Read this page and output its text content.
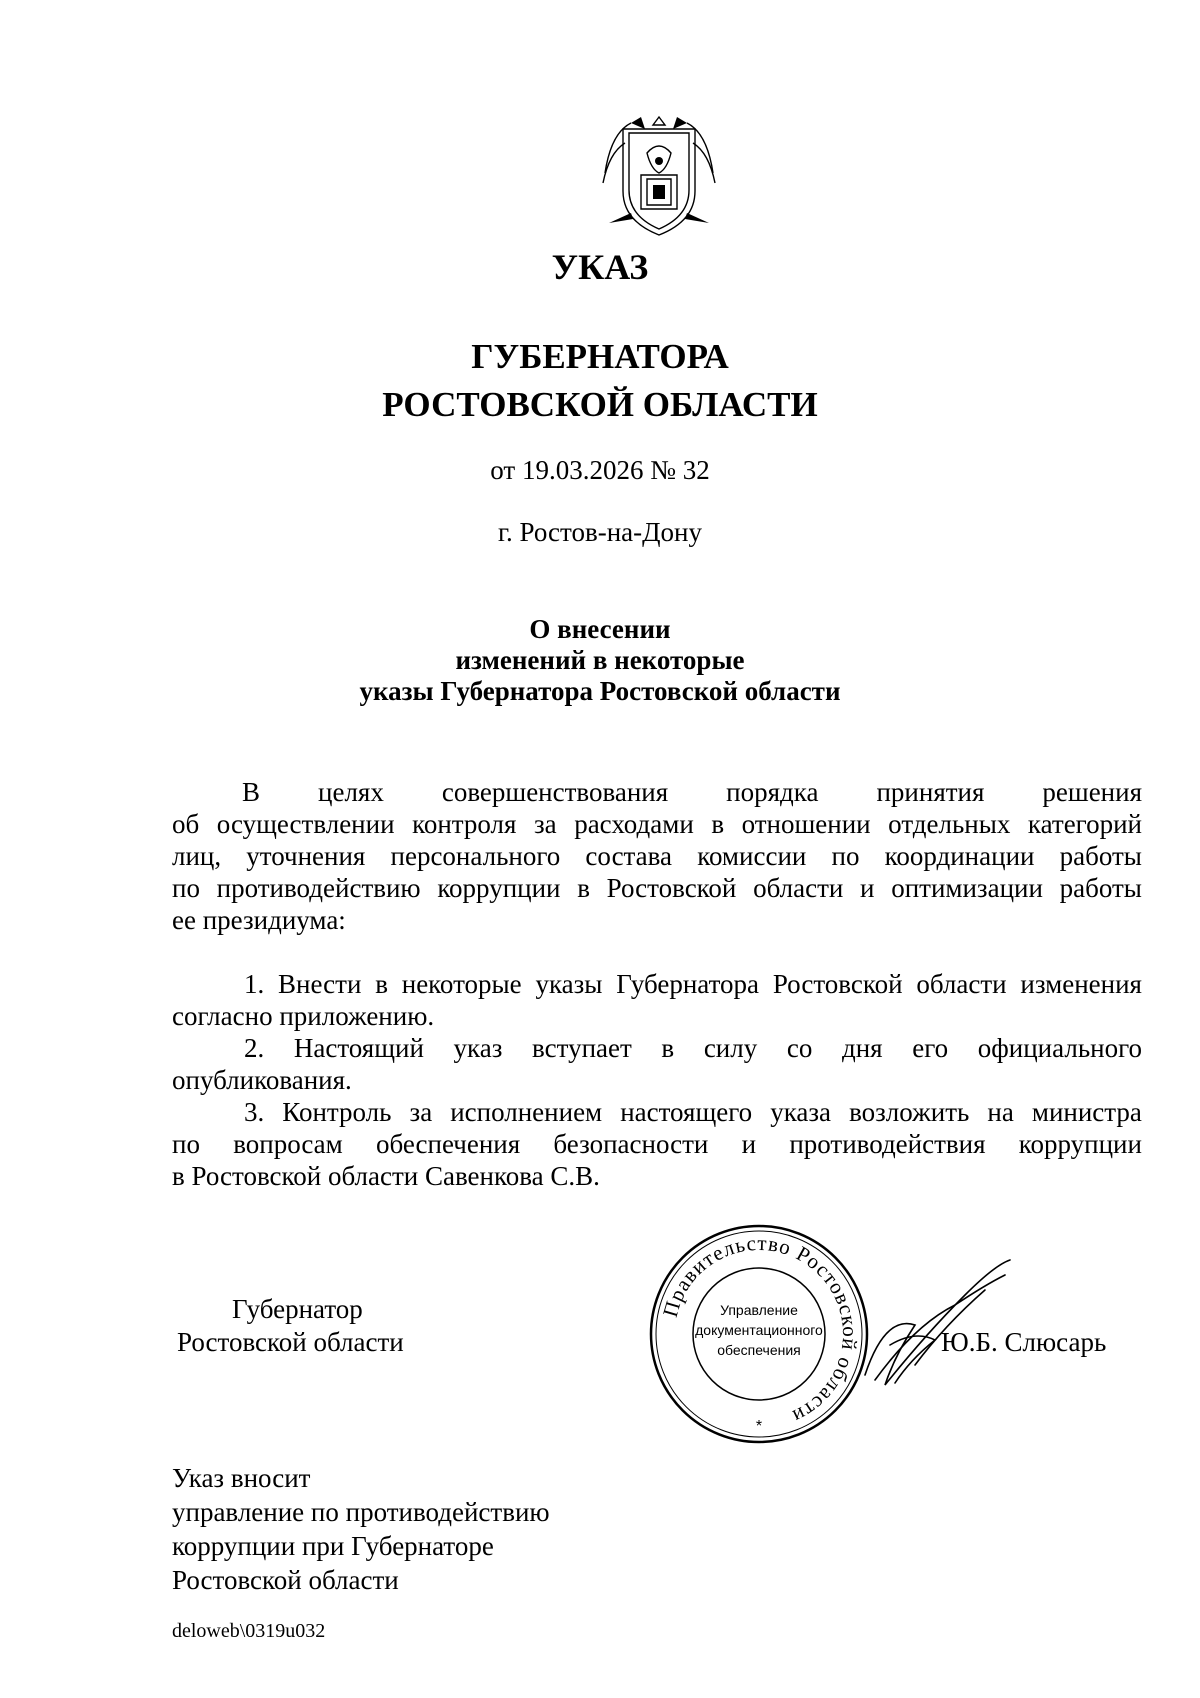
УКАЗ
ГУБЕРНАТОРА
РОСТОВСКОЙ ОБЛАСТИ
от 19.03.2026 № 32
г. Ростов-на-Дону
О внесении
изменений в некоторые
указы Губернатора Ростовской области
В целях совершенствования порядка принятия решения
об осуществлении контроля за расходами в отношении отдельных категорий
лиц, уточнения персонального состава комиссии по координации работы
по противодействию коррупции в Ростовской области и оптимизации работы
ее президиума:
1. Внести в некоторые указы Губернатора Ростовской области изменения
согласно приложению.
2. Настоящий указ вступает в силу со дня его официального
опубликования.
3. Контроль за исполнением настоящего указа возложить на министра
по вопросам обеспечения безопасности и противодействия коррупции
в Ростовской области Савенкова С.В.
Губернатор
Ростовской области
Правительство Ростовской области
Управление
документационного
обеспечения
*
Ю.Б. Слюсарь
Указ вносит
управление по противодействию
коррупции при Губернаторе
Ростовской области
deloweb\0319u032
